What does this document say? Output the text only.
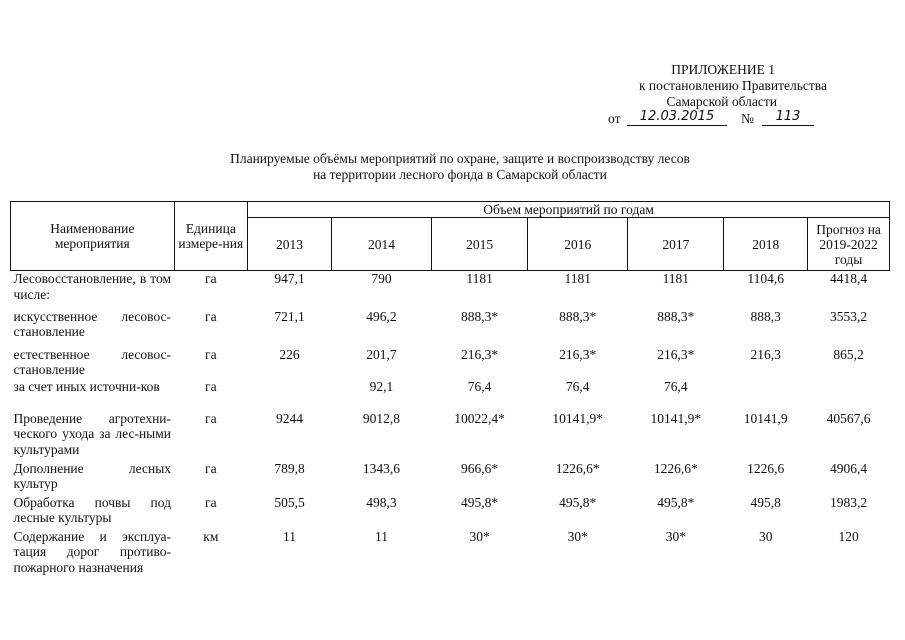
ПРИЛОЖЕНИЕ 1
к постановлению Правительства
Самарской области
от	12.03.2015	№	113
Планируемые объёмы мероприятий по охране, защите и воспроизводству лесов
на территории лесного фонда в Самарской области
Наименование мероприятия	Единица измере-ния	Объем мероприятий по годам						
		2013	2014	2015	2016	2017	2018	Прогноз на 2019-2022 годы
Лесовосстановление, в том числе:	га	947,1	790	1181	1181	1181	1104,6	4418,4
искусственное лесовос-становление	га	721,1	496,2	888,3*	888,3*	888,3*	888,3	3553,2
естественное лесовос-становление	га	226	201,7	216,3*	216,3*	216,3*	216,3	865,2
за счет иных источни-ков	га		92,1	76,4	76,4	76,4		
Проведение агротехни-ческого ухода за лес-ными культурами	га	9244	9012,8	10022,4*	10141,9*	10141,9*	10141,9	40567,6
Дополнение лесных культур	га	789,8	1343,6	966,6*	1226,6*	1226,6*	1226,6	4906,4
Обработка почвы под лесные культуры	га	505,5	498,3	495,8*	495,8*	495,8*	495,8	1983,2
Содержание и эксплуа-тация дорог противо-пожарного назначения	км	11	11	30*	30*	30*	30	120
